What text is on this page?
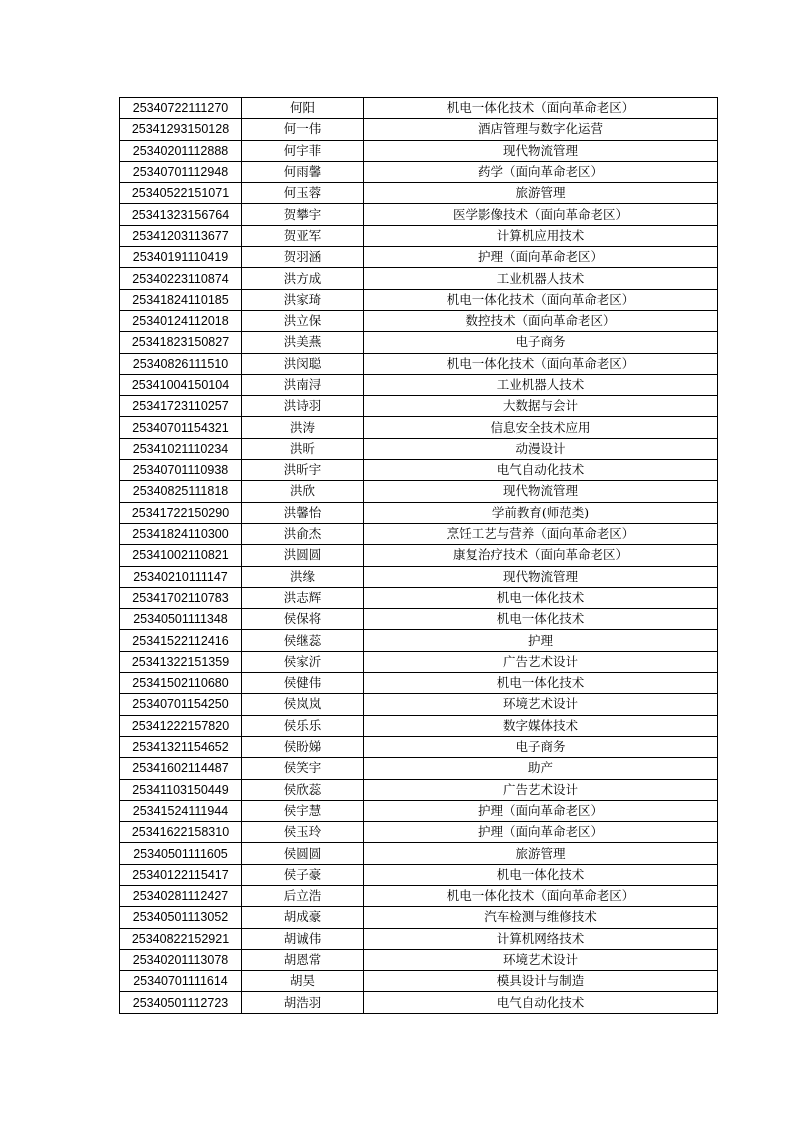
25340722111270	何阳	机电一体化技术（面向革命老区）
25341293150128	何一伟	酒店管理与数字化运营
25340201112888	何宇菲	现代物流管理
25340701112948	何雨馨	药学（面向革命老区）
25340522151071	何玉蓉	旅游管理
25341323156764	贺攀宇	医学影像技术（面向革命老区）
25341203113677	贺亚军	计算机应用技术
25340191110419	贺羽涵	护理（面向革命老区）
25340223110874	洪方成	工业机器人技术
25341824110185	洪家琦	机电一体化技术（面向革命老区）
25340124112018	洪立保	数控技术（面向革命老区）
25341823150827	洪美燕	电子商务
25340826111510	洪闵聪	机电一体化技术（面向革命老区）
25341004150104	洪南浔	工业机器人技术
25341723110257	洪诗羽	大数据与会计
25340701154321	洪涛	信息安全技术应用
25341021110234	洪昕	动漫设计
25340701110938	洪昕宇	电气自动化技术
25340825111818	洪欣	现代物流管理
25341722150290	洪馨怡	学前教育(师范类)
25341824110300	洪俞杰	烹饪工艺与营养（面向革命老区）
25341002110821	洪圆圆	康复治疗技术（面向革命老区）
25340210111147	洪缘	现代物流管理
25341702110783	洪志辉	机电一体化技术
25340501111348	侯保将	机电一体化技术
25341522112416	侯继蕊	护理
25341322151359	侯家沂	广告艺术设计
25341502110680	侯健伟	机电一体化技术
25340701154250	侯岚岚	环境艺术设计
25341222157820	侯乐乐	数字媒体技术
25341321154652	侯盼娣	电子商务
25341602114487	侯笑宇	助产
25341103150449	侯欣蕊	广告艺术设计
25341524111944	侯宇慧	护理（面向革命老区）
25341622158310	侯玉玲	护理（面向革命老区）
25340501111605	侯圆圆	旅游管理
25340122115417	侯子豪	机电一体化技术
25340281112427	后立浩	机电一体化技术（面向革命老区）
25340501113052	胡成豪	汽车检测与维修技术
25340822152921	胡诚伟	计算机网络技术
25340201113078	胡恩常	环境艺术设计
25340701111614	胡昊	模具设计与制造
25340501112723	胡浩羽	电气自动化技术
